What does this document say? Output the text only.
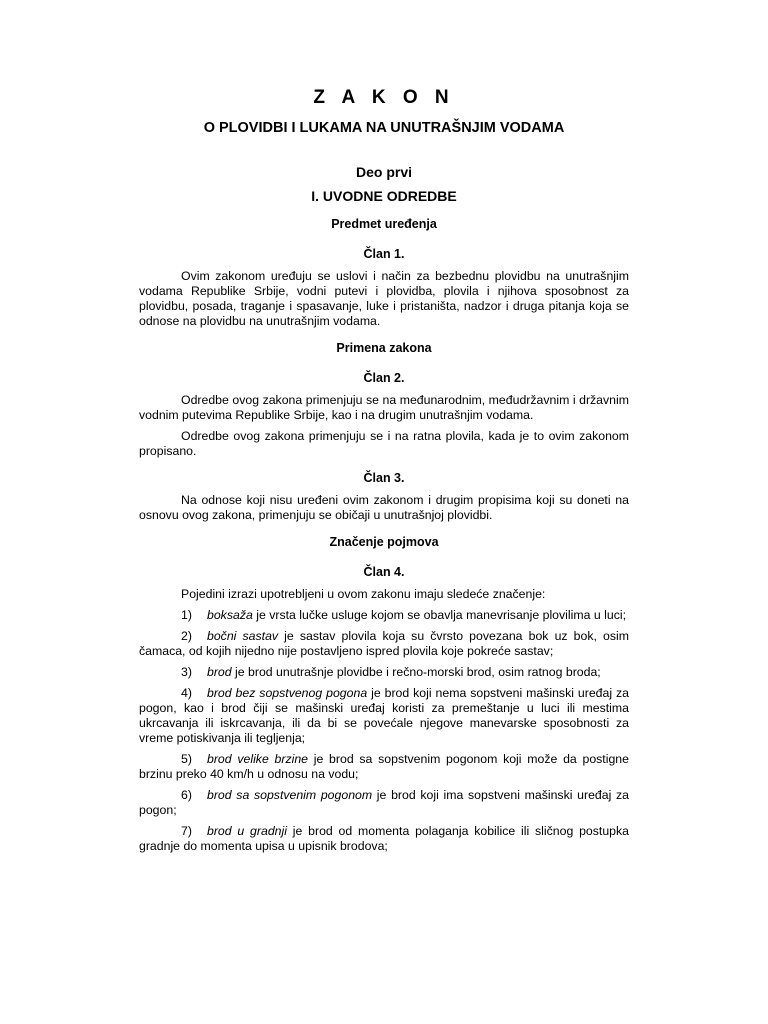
Z A K O N
O PLOVIDBI I LUKAMA NA UNUTRAŠNJIM VODAMA
Deo prvi
I. UVODNE ODREDBE
Predmet uređenja
Član 1.

Ovim zakonom uređuju se uslovi i način za bezbednu plovidbu na unutrašnjim vodama Republike Srbije, vodni putevi i plovidba, plovila i njihova sposobnost za plovidbu, posada, traganje i spasavanje, luke i pristaništa, nadzor i druga pitanja koja se odnose na plovidbu na unutrašnjim vodama.

Primena zakona
Član 2.

Odredbe ovog zakona primenjuju se na međunarodnim, međudržavnim i državnim vodnim putevima Republike Srbije, kao i na drugim unutrašnjim vodama.

Odredbe ovog zakona primenjuju se i na ratna plovila, kada je to ovim zakonom propisano.

Član 3.

Na odnose koji nisu uređeni ovim zakonom i drugim propisima koji su doneti na osnovu ovog zakona, primenjuju se običaji u unutrašnjoj plovidbi.

Značenje pojmova
Član 4.

Pojedini izrazi upotrebljeni u ovom zakonu imaju sledeće značenje:

1) boksaža je vrsta lučke usluge kojom se obavlja manevrisanje plovilima u luci;

2) bočni sastav je sastav plovila koja su čvrsto povezana bok uz bok, osim čamaca, od kojih nijedno nije postavljeno ispred plovila koje pokreće sastav;

3) brod je brod unutrašnje plovidbe i rečno-morski brod, osim ratnog broda;

4) brod bez sopstvenog pogona je brod koji nema sopstveni mašinski uređaj za pogon, kao i brod čiji se mašinski uređaj koristi za premeštanje u luci ili mestima ukrcavanja ili iskrcavanja, ili da bi se povećale njegove manevarske sposobnosti za vreme potiskivanja ili tegljenja;

5) brod velike brzine je brod sa sopstvenim pogonom koji može da postigne brzinu preko 40 km/h u odnosu na vodu;

6) brod sa sopstvenim pogonom je brod koji ima sopstveni mašinski uređaj za pogon;

7) brod u gradnji je brod od momenta polaganja kobilice ili sličnog postupka gradnje do momenta upisa u upisnik brodova;
